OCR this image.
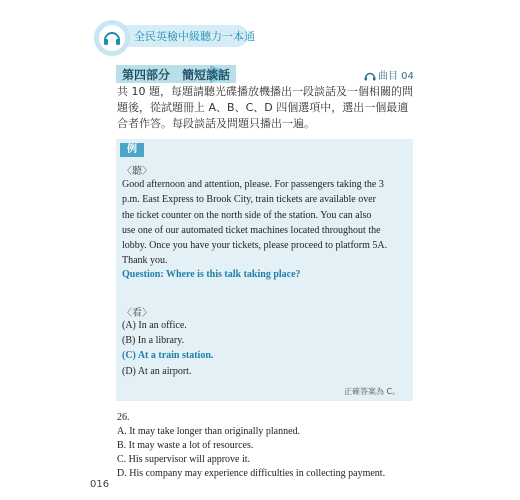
全民英檢中級聽力一本通
第四部分　簡短談話	曲目 04
共 10 題，每題請聽光碟播放機播出一段談話及一個相關的問題後，從試題冊上 A、B、C、D 四個選項中，選出一個最適合者作答。每段談話及問題只播出一遍。
例
〈聽〉
Good afternoon and attention, please. For passengers taking the 3
p.m. East Express to Brook City, train tickets are available over
the ticket counter on the north side of the station. You can also
use one of our automated ticket machines located throughout the
lobby. Once you have your tickets, please proceed to platform 5A.
Thank you.
Question: Where is this talk taking place?
〈看〉
(A) In an office.
(B) In a library.
(C) At a train station.
(D) At an airport.
正確答案為 C。
26.
A. It may take longer than originally planned.
B. It may waste a lot of resources.
C. His supervisor will approve it.
D. His company may experience difficulties in collecting payment.
016
